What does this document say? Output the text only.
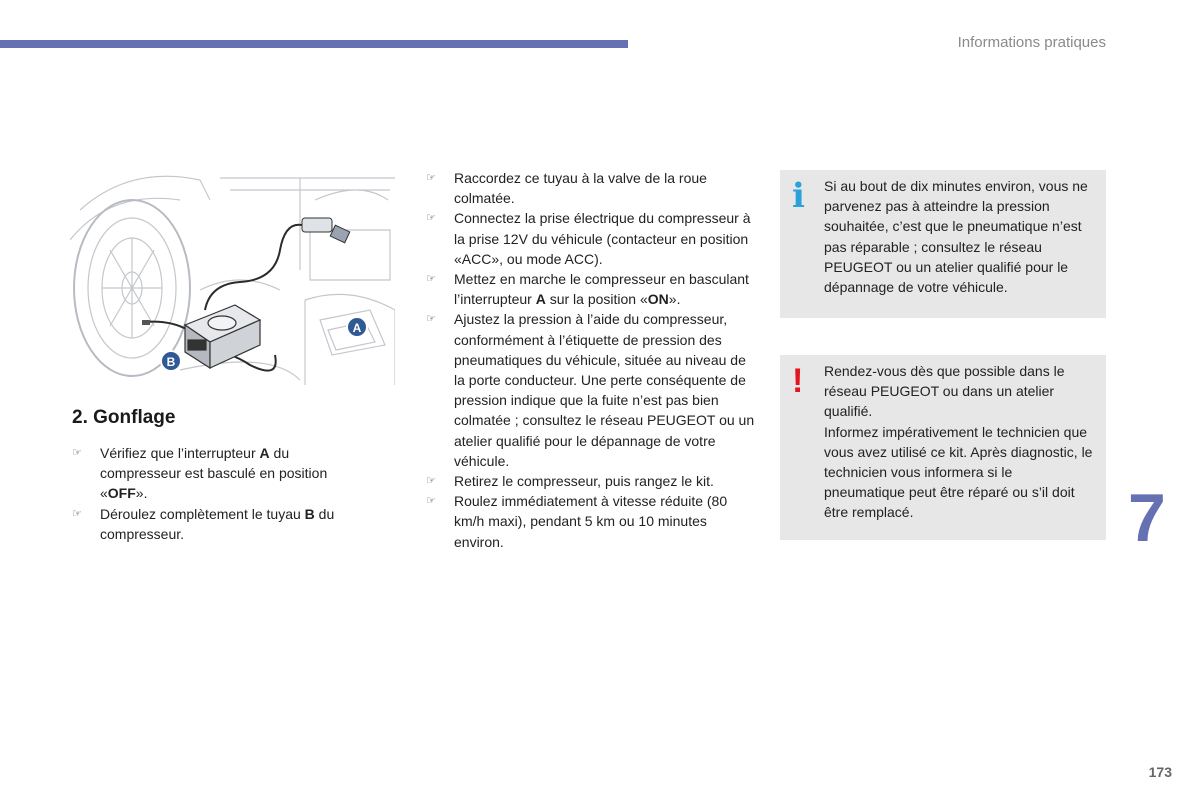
Informations pratiques
A
B
2. Gonflage
☞ Vérifiez que l’interrupteur A du compresseur est basculé en position «OFF».
☞ Déroulez complètement le tuyau B du compresseur.
☞ Raccordez ce tuyau à la valve de la roue colmatée.
☞ Connectez la prise électrique du compresseur à la prise 12V du véhicule (contacteur en position «ACC», ou mode ACC).
☞ Mettez en marche le compresseur en basculant l’interrupteur A sur la position «ON».
☞ Ajustez la pression à l’aide du compresseur, conformément à l’étiquette de pression des pneumatiques du véhicule, située au niveau de la porte conducteur. Une perte conséquente de pression indique que la fuite n’est pas bien colmatée ; consultez le réseau PEUGEOT ou un atelier qualifié pour le dépannage de votre véhicule.
☞ Retirez le compresseur, puis rangez le kit.
☞ Roulez immédiatement à vitesse réduite (80 km/h maxi), pendant 5 km ou 10 minutes environ.
i Si au bout de dix minutes environ, vous ne parvenez pas à atteindre la pression souhaitée, c’est que le pneumatique n’est pas réparable ; consultez le réseau PEUGEOT ou un atelier qualifié pour le dépannage de votre véhicule.
! Rendez-vous dès que possible dans le réseau PEUGEOT ou dans un atelier qualifié.
Informez impérativement le technicien que vous avez utilisé ce kit. Après diagnostic, le technicien vous informera si le pneumatique peut être réparé ou s’il doit être remplacé.	7
173
